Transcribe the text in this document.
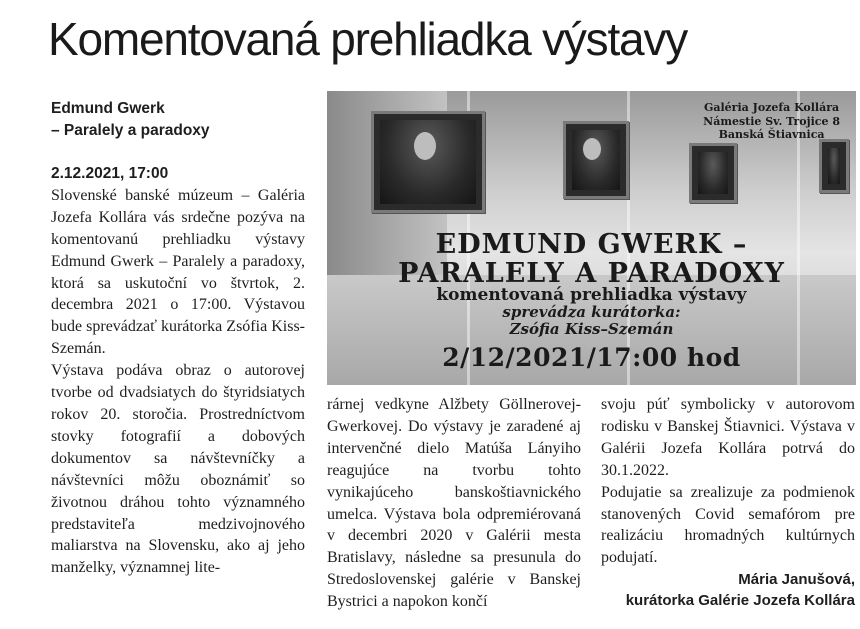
Komentovaná prehliadka výstavy

Edmund Gwerk
– Paralely a paradoxy

2.12.2021, 17:00

Slovenské banské múzeum – Galéria Jozefa Kollára vás srdečne pozýva na komentovanú prehliadku výstavy Edmund Gwerk – Paralely a paradoxy, ktorá sa uskutoční vo štvrtok, 2. decembra 2021 o 17:00. Výstavou bude sprevádzať kurátorka Zsófia Kiss-Szemán.

Výstava podáva obraz o autorovej tvorbe od dvadsiatych do štyridsiatych rokov 20. storočia. Prostredníctvom stovky fotografií a dobových dokumentov sa návštevníčky a návštevníci môžu oboznámiť so životnou dráhou tohto významného predstaviteľa medzivojnového maliarstva na Slovensku, ako aj jeho manželky, významnej lite-

Galéria Jozefa Kollára
Námestie Sv. Trojice 8
Banská Štiavnica
EDMUND GWERK –
PARALELY A PARADOXY
komentovaná prehliadka výstavy
sprevádza kurátorka:
Zsófia Kiss–Szemán
2/12/2021/17:00 hod

rárnej vedkyne Alžbety Göllnerovej-Gwerkovej. Do výstavy je zaradené aj intervenčné dielo Matúša Lányiho reagujúce na tvorbu tohto vynikajúceho banskoštiavnického umelca. Výstava bola odpremiérovaná v decembri 2020 v Galérii mesta Bratislavy, následne sa presunula do Stredoslovenskej galérie v Banskej Bystrici a napokon končí

svoju púť symbolicky v autorovom rodisku v Banskej Štiavnici. Výstava v Galérii Jozefa Kollára potrvá do 30.1.2022.

Podujatie sa zrealizuje za podmienok stanovených Covid semafórom pre realizáciu hromadných kultúrnych podujatí.

Mária Janušová,
kurátorka Galérie Jozefa Kollára
